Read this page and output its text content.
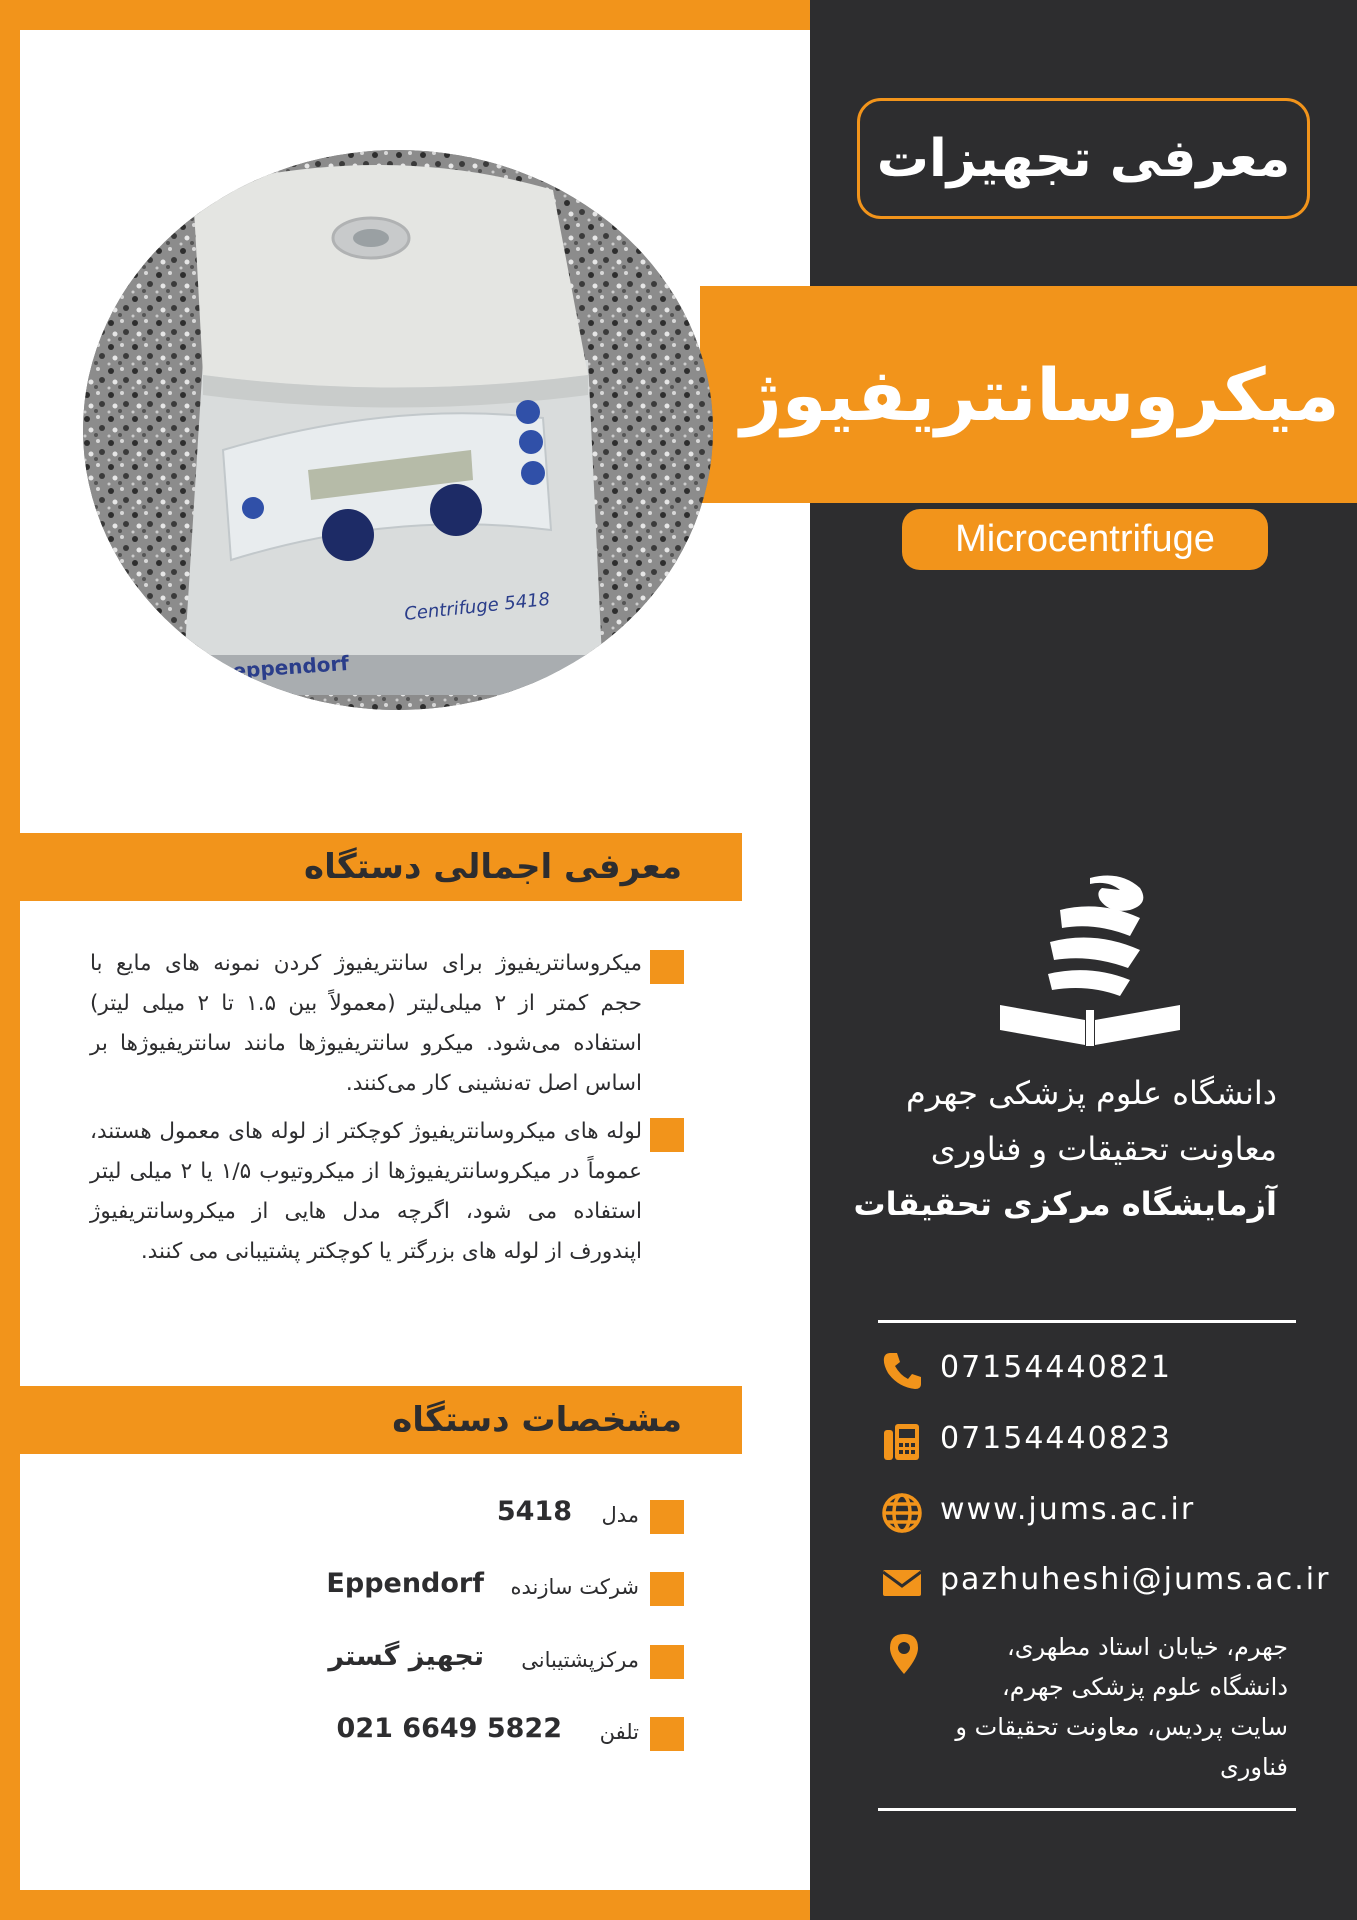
معرفی تجهیزات
میکروسانتریفیوژ
Microcentrifuge
Centrifuge 5418
eppendorf
معرفی اجمالی دستگاه
میکروسانتریفیوژ برای سانتریفیوژ کردن نمونه های مایع با حجم کمتر از ۲ میلی‌لیتر (معمولاً بین ۱.۵ تا ۲ میلی لیتر) استفاده می‌شود. میکرو سانتریفیوژها مانند سانتریفیوژها بر اساس اصل ته‌نشینی کار می‌کنند.
لوله های میکروسانتریفیوژ کوچکتر از لوله های معمول هستند، عموماً در میکروسانتریفیوژها از میکروتیوب ۱/۵ یا ۲ میلی لیتر استفاده می شود، اگرچه مدل هایی از میکروسانتریفیوژ اپندورف از لوله های بزرگتر یا کوچکتر پشتیبانی می کنند.
مشخصات دستگاه
مدل
5418
شرکت سازنده
Eppendorf
مرکزپشتیبانی
تجهیز گستر
تلفن
021 6649 5822
دانشگاه علوم پزشکی جهرم
معاونت تحقیقات و فناوری
آزمایشگاه مرکزی تحقیقات
07154440821
07154440823
www.jums.ac.ir
pazhuheshi@jums.ac.ir
جهرم، خیابان استاد مطهری، دانشگاه علوم پزشکی جهرم، سایت پردیس، معاونت تحقیقات و فناوری
